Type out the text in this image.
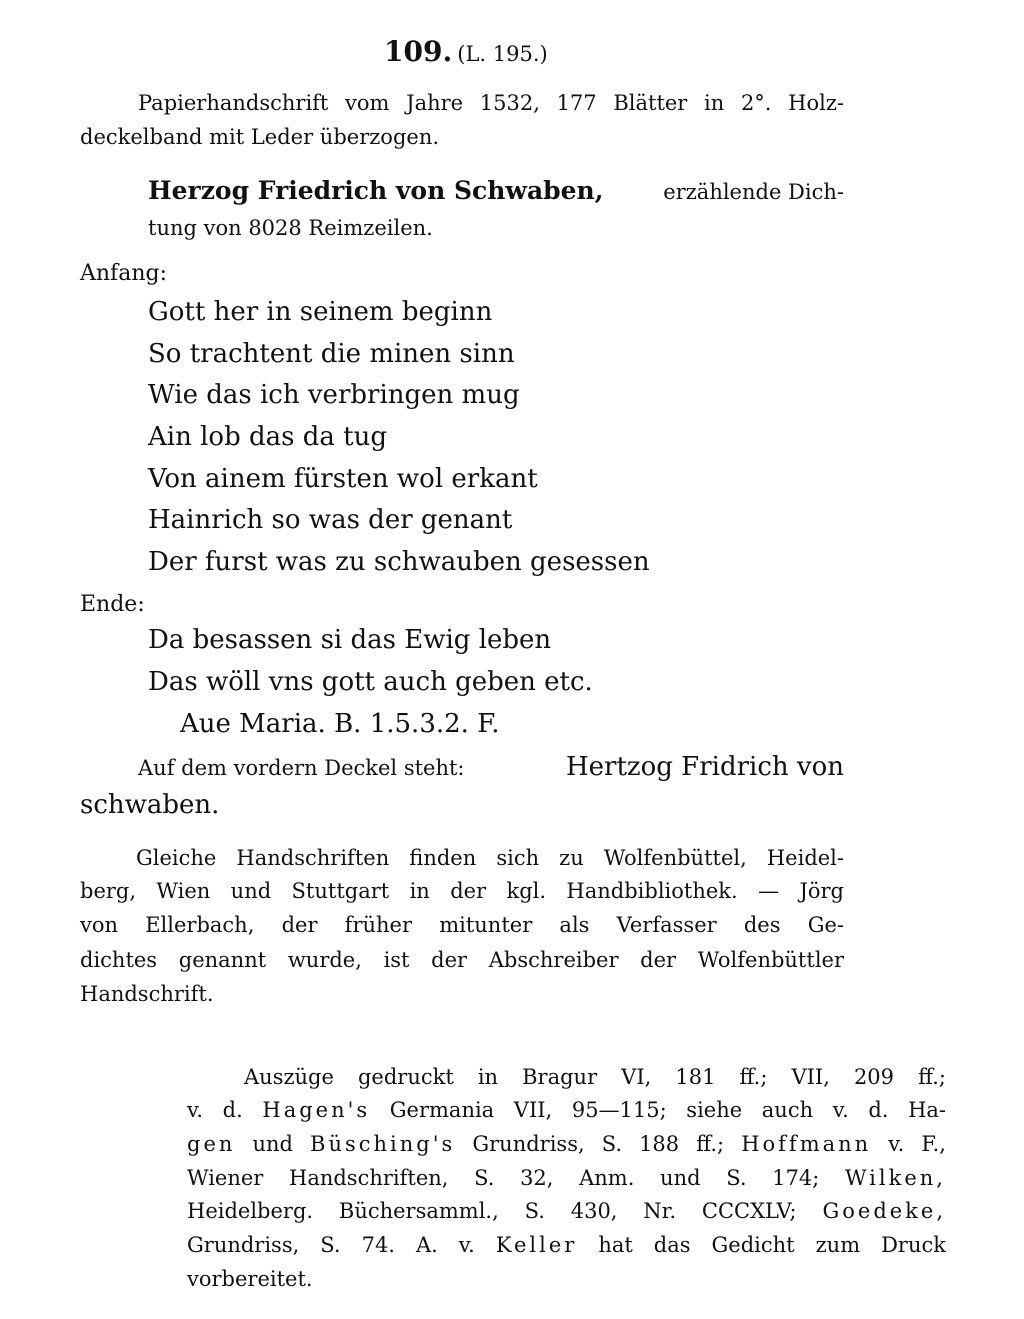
109. (L. 195.)
Papierhandschrift vom Jahre 1532, 177 Blätter in 2°. Holz-
deckelband mit Leder überzogen.
Herzog Friedrich von Schwaben,	erzählende Dich-
tung von 8028 Reimzeilen.
Anfang:
Gott her in seinem beginn
So trachtent die minen sinn
Wie das ich verbringen mug
Ain lob das da tug
Von ainem fürsten wol erkant
Hainrich so was der genant
Der furst was zu schwauben gesessen
Ende:
Da besassen si das Ewig leben
Das wöll vns gott auch geben etc.
Aue Maria. B. 1.5.3.2. F.
Auf dem vordern Deckel steht:	Hertzog Fridrich von
schwaben.
Gleiche Handschriften finden sich zu Wolfenbüttel, Heidel-
berg, Wien und Stuttgart in der kgl. Handbibliothek. — Jörg
von Ellerbach, der früher mitunter als Verfasser des Ge-
dichtes genannt wurde, ist der Abschreiber der Wolfenbüttler
Handschrift.
Auszüge gedruckt in Bragur VI, 181 ff.; VII, 209 ff.;
v. d. Hagen's Germania VII, 95—115; siehe auch v. d. Ha-
gen und Büsching's Grundriss, S. 188 ff.; Hoffmann v. F.,
Wiener Handschriften, S. 32, Anm. und S. 174; Wilken,
Heidelberg. Büchersamml., S. 430, Nr. CCCXLV; Goedeke,
Grundriss, S. 74. A. v. Keller hat das Gedicht zum Druck
vorbereitet.
